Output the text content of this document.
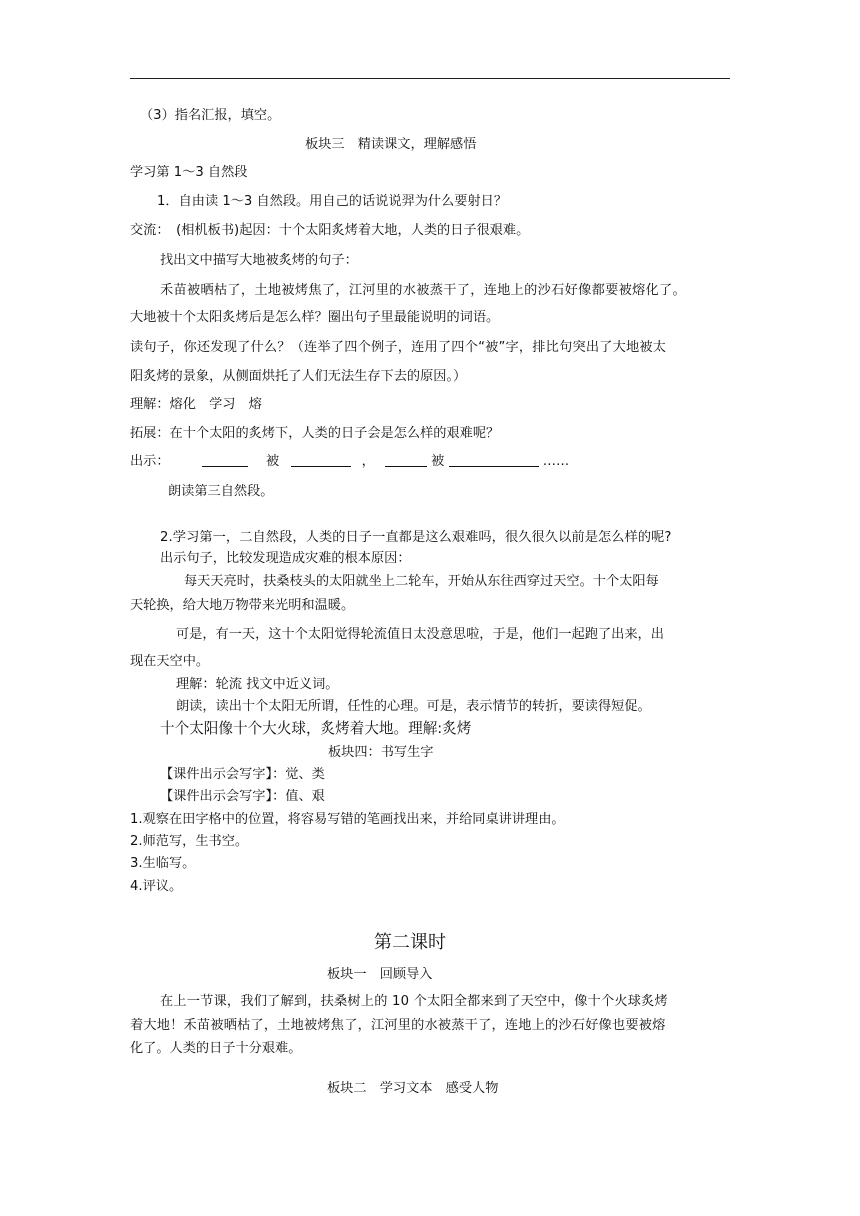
（3）指名汇报，填空。
板块三　精读课文，理解感悟
学习第 1～3 自然段
1．自由读 1～3 自然段。用自己的话说说羿为什么要射日？
交流：　(相机板书)起因：十个太阳炙烤着大地，人类的日子很艰难。
找出文中描写大地被炙烤的句子：
禾苗被晒枯了，土地被烤焦了，江河里的水被蒸干了，连地上的沙石好像都要被熔化了。
大地被十个太阳炙烤后是怎么样？圈出句子里最能说明的词语。
读句子，你还发现了什么？（连举了四个例子，连用了四个“被”字，排比句突出了大地被太
阳炙烤的景象，从侧面烘托了人们无法生存下去的原因。）
理解：熔化　学习　熔
拓展：在十个太阳的炙烤下，人类的日子会是怎么样的艰难呢？
出示：	被	，	被	……
朗读第三自然段。
2.学习第一，二自然段，人类的日子一直都是这么艰难吗，很久很久以前是怎么样的呢?
出示句子，比较发现造成灾难的根本原因：
每天天亮时，扶桑枝头的太阳就坐上二轮车，开始从东往西穿过天空。十个太阳每
天轮换，给大地万物带来光明和温暖。
可是，有一天，这十个太阳觉得轮流值日太没意思啦，于是，他们一起跑了出来，出
现在天空中。
理解：轮流 找文中近义词。
朗读，读出十个太阳无所谓，任性的心理。可是，表示情节的转折，要读得短促。
十个太阳像十个大火球，炙烤着大地。理解:炙烤
板块四：书写生字
【课件出示会写字】：觉、类
【课件出示会写字】：值、艰
1.观察在田字格中的位置，将容易写错的笔画找出来，并给同桌讲讲理由。
2.师范写，生书空。
3.生临写。
4.评议。
第二课时
板块一　回顾导入
在上一节课，我们了解到，扶桑树上的 10 个太阳全都来到了天空中，像十个火球炙烤
着大地！禾苗被晒枯了，土地被烤焦了，江河里的水被蒸干了，连地上的沙石好像也要被熔
化了。人类的日子十分艰难。
板块二　学习文本　感受人物
